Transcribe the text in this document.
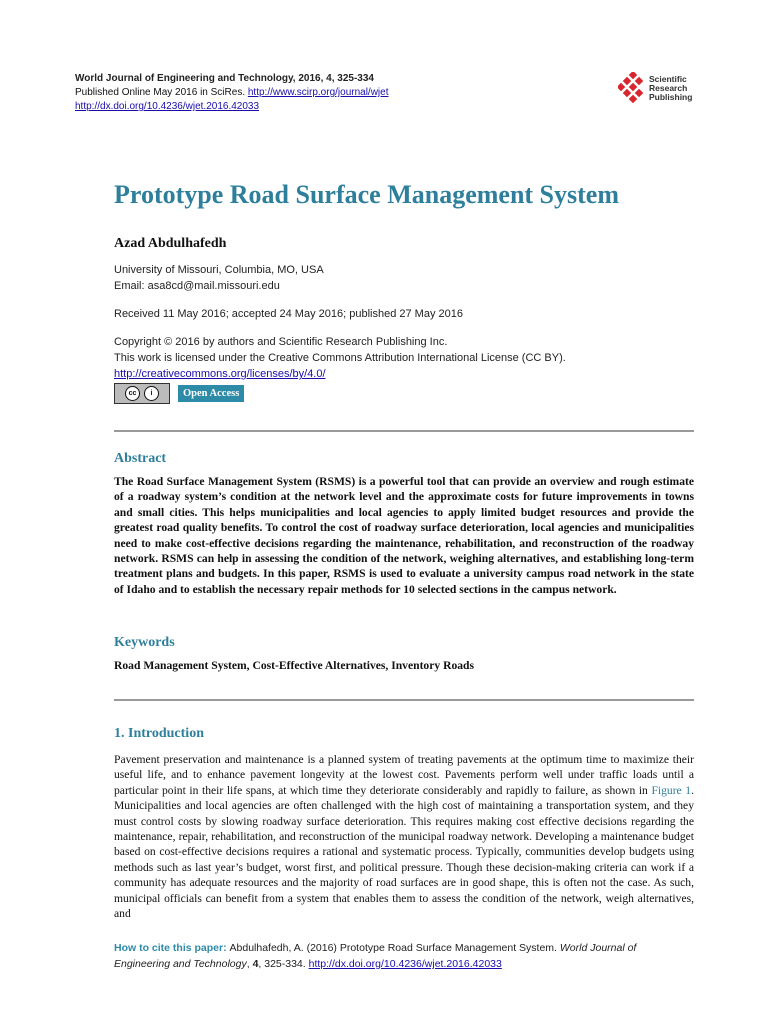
World Journal of Engineering and Technology, 2016, 4, 325-334
Published Online May 2016 in SciRes. http://www.scirp.org/journal/wjet
http://dx.doi.org/10.4236/wjet.2016.42033
Scientific
Research
Publishing
Prototype Road Surface Management System
Azad Abdulhafedh
University of Missouri, Columbia, MO, USA
Email: asa8cd@mail.missouri.edu
Received 11 May 2016; accepted 24 May 2016; published 27 May 2016
Copyright © 2016 by authors and Scientific Research Publishing Inc.
This work is licensed under the Creative Commons Attribution International License (CC BY).
http://creativecommons.org/licenses/by/4.0/
cc	i	Open Access
Abstract
The Road Surface Management System (RSMS) is a powerful tool that can provide an overview and rough estimate of a roadway system’s condition at the network level and the approximate costs for future improvements in towns and small cities. This helps municipalities and local agencies to apply limited budget resources and provide the greatest road quality benefits. To control the cost of roadway surface deterioration, local agencies and municipalities need to make cost-effective decisions regarding the maintenance, rehabilitation, and reconstruction of the roadway network. RSMS can help in assessing the condition of the network, weighing alternatives, and establishing long-term treatment plans and budgets. In this paper, RSMS is used to evaluate a university campus road network in the state of Idaho and to establish the necessary repair methods for 10 selected sections in the campus network.
Keywords
Road Management System, Cost-Effective Alternatives, Inventory Roads
1. Introduction
Pavement preservation and maintenance is a planned system of treating pavements at the optimum time to maximize their useful life, and to enhance pavement longevity at the lowest cost. Pavements perform well under traffic loads until a particular point in their life spans, at which time they deteriorate considerably and rapidly to failure, as shown in Figure 1. Municipalities and local agencies are often challenged with the high cost of maintaining a transportation system, and they must control costs by slowing roadway surface deterioration. This requires making cost effective decisions regarding the maintenance, repair, rehabilitation, and reconstruction of the municipal roadway network. Developing a maintenance budget based on cost-effective decisions requires a rational and systematic process. Typically, communities develop budgets using methods such as last year’s budget, worst first, and political pressure. Though these decision-making criteria can work if a community has adequate resources and the majority of road surfaces are in good shape, this is often not the case. As such, municipal officials can benefit from a system that enables them to assess the condition of the network, weigh alternatives, and
How to cite this paper: Abdulhafedh, A. (2016) Prototype Road Surface Management System. World Journal of Engineering and Technology, 4, 325-334. http://dx.doi.org/10.4236/wjet.2016.42033
